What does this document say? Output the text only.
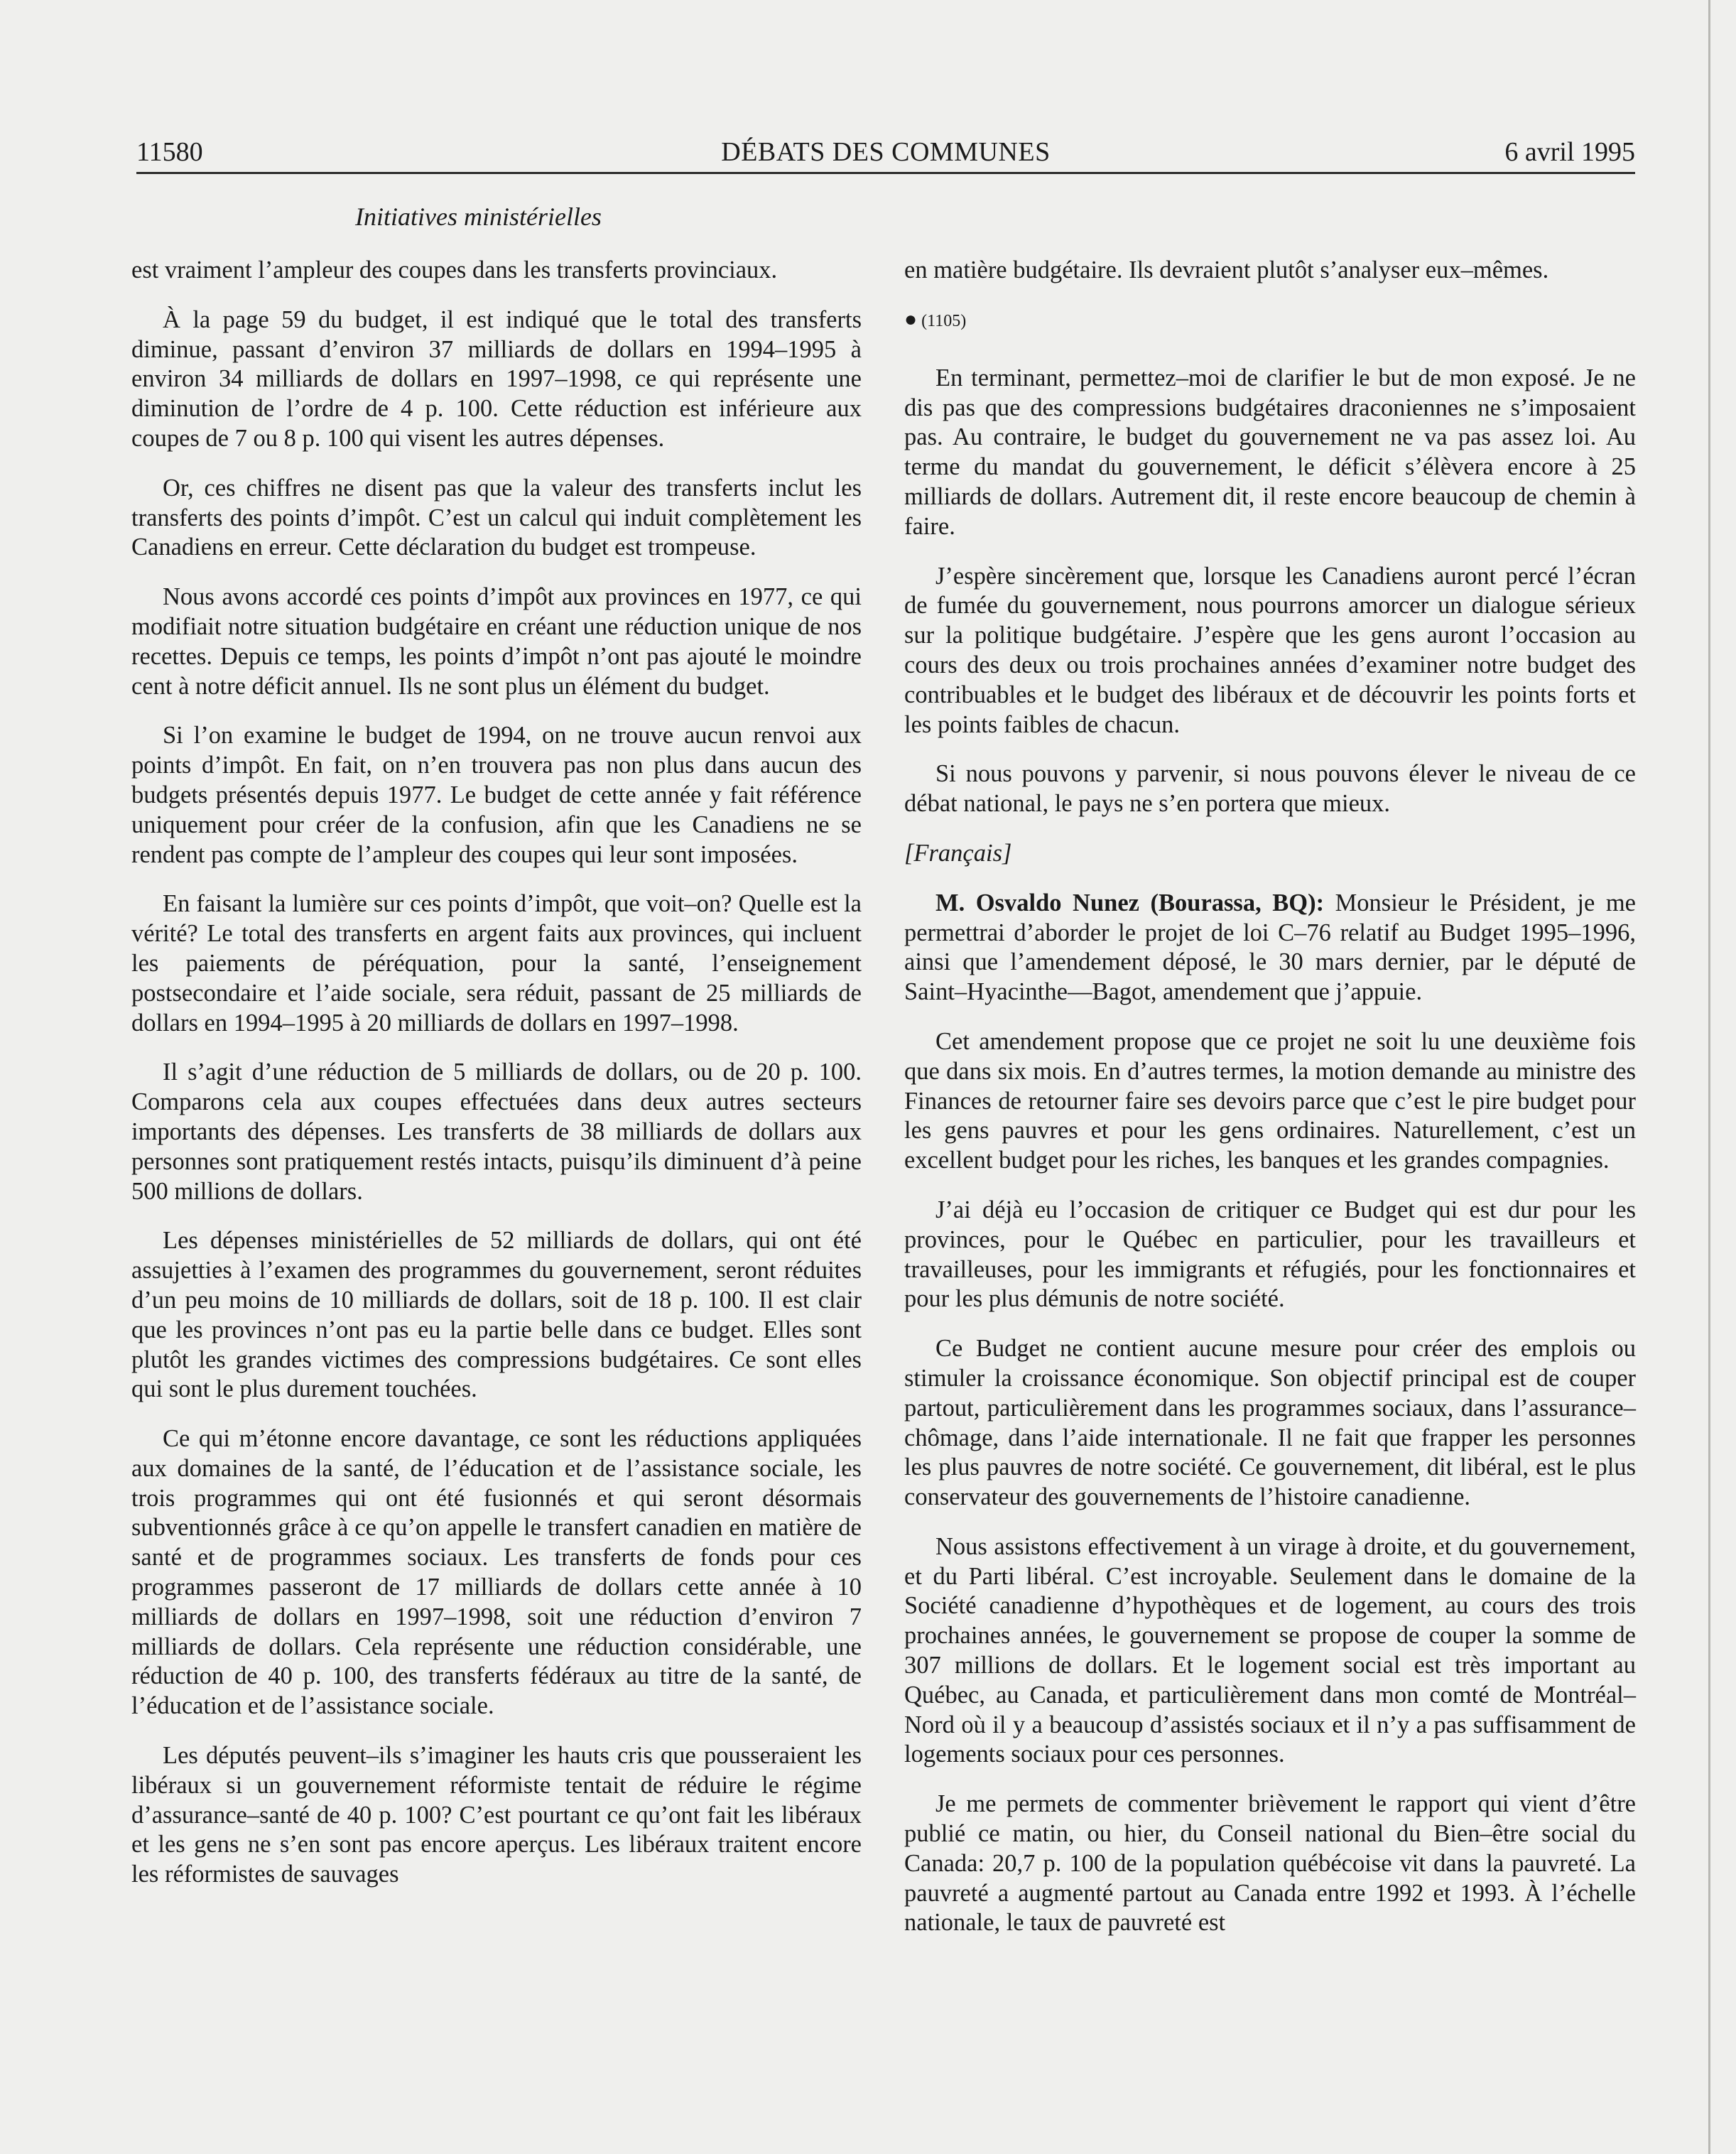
11580	DÉBATS DES COMMUNES	6 avril 1995
Initiatives ministérielles

est vraiment l’ampleur des coupes dans les transferts provinciaux.

À la page 59 du budget, il est indiqué que le total des transferts diminue, passant d’environ 37 milliards de dollars en 1994–1995 à environ 34 milliards de dollars en 1997–1998, ce qui représente une diminution de l’ordre de 4 p. 100. Cette réduction est inférieure aux coupes de 7 ou 8 p. 100 qui visent les autres dépenses.

Or, ces chiffres ne disent pas que la valeur des transferts inclut les transferts des points d’impôt. C’est un calcul qui induit complètement les Canadiens en erreur. Cette déclaration du budget est trompeuse.

Nous avons accordé ces points d’impôt aux provinces en 1977, ce qui modifiait notre situation budgétaire en créant une réduction unique de nos recettes. Depuis ce temps, les points d’impôt n’ont pas ajouté le moindre cent à notre déficit annuel. Ils ne sont plus un élément du budget.

Si l’on examine le budget de 1994, on ne trouve aucun renvoi aux points d’impôt. En fait, on n’en trouvera pas non plus dans aucun des budgets présentés depuis 1977. Le budget de cette année y fait référence uniquement pour créer de la confusion, afin que les Canadiens ne se rendent pas compte de l’ampleur des coupes qui leur sont imposées.

En faisant la lumière sur ces points d’impôt, que voit–on? Quelle est la vérité? Le total des transferts en argent faits aux provinces, qui incluent les paiements de péréquation, pour la santé, l’enseignement postsecondaire et l’aide sociale, sera réduit, passant de 25 milliards de dollars en 1994–1995 à 20 milliards de dollars en 1997–1998.

Il s’agit d’une réduction de 5 milliards de dollars, ou de 20 p. 100. Comparons cela aux coupes effectuées dans deux autres secteurs importants des dépenses. Les transferts de 38 milliards de dollars aux personnes sont pratiquement restés intacts, puisqu’ils diminuent d’à peine 500 millions de dollars.

Les dépenses ministérielles de 52 milliards de dollars, qui ont été assujetties à l’examen des programmes du gouvernement, seront réduites d’un peu moins de 10 milliards de dollars, soit de 18 p. 100. Il est clair que les provinces n’ont pas eu la partie belle dans ce budget. Elles sont plutôt les grandes victimes des compressions budgétaires. Ce sont elles qui sont le plus durement touchées.

Ce qui m’étonne encore davantage, ce sont les réductions appliquées aux domaines de la santé, de l’éducation et de l’assistance sociale, les trois programmes qui ont été fusionnés et qui seront désormais subventionnés grâce à ce qu’on appelle le transfert canadien en matière de santé et de programmes sociaux. Les transferts de fonds pour ces programmes passeront de 17 milliards de dollars cette année à 10 milliards de dollars en 1997–1998, soit une réduction d’environ 7 milliards de dollars. Cela représente une réduction considérable, une réduction de 40 p. 100, des transferts fédéraux au titre de la santé, de l’éducation et de l’assistance sociale.

Les députés peuvent–ils s’imaginer les hauts cris que pousseraient les libéraux si un gouvernement réformiste tentait de réduire le régime d’assurance–santé de 40 p. 100? C’est pourtant ce qu’ont fait les libéraux et les gens ne s’en sont pas encore aperçus. Les libéraux traitent encore les réformistes de sauvages

en matière budgétaire. Ils devraient plutôt s’analyser eux–mêmes.

● (1105)

En terminant, permettez–moi de clarifier le but de mon exposé. Je ne dis pas que des compressions budgétaires draconiennes ne s’imposaient pas. Au contraire, le budget du gouvernement ne va pas assez loi. Au terme du mandat du gouvernement, le déficit s’élèvera encore à 25 milliards de dollars. Autrement dit, il reste encore beaucoup de chemin à faire.

J’espère sincèrement que, lorsque les Canadiens auront percé l’écran de fumée du gouvernement, nous pourrons amorcer un dialogue sérieux sur la politique budgétaire. J’espère que les gens auront l’occasion au cours des deux ou trois prochaines années d’examiner notre budget des contribuables et le budget des libéraux et de découvrir les points forts et les points faibles de chacun.

Si nous pouvons y parvenir, si nous pouvons élever le niveau de ce débat national, le pays ne s’en portera que mieux.

[Français]

M. Osvaldo Nunez (Bourassa, BQ): Monsieur le Président, je me permettrai d’aborder le projet de loi C–76 relatif au Budget 1995–1996, ainsi que l’amendement déposé, le 30 mars dernier, par le député de Saint–Hyacinthe—Bagot, amendement que j’appuie.

Cet amendement propose que ce projet ne soit lu une deuxième fois que dans six mois. En d’autres termes, la motion demande au ministre des Finances de retourner faire ses devoirs parce que c’est le pire budget pour les gens pauvres et pour les gens ordinaires. Naturellement, c’est un excellent budget pour les riches, les banques et les grandes compagnies.

J’ai déjà eu l’occasion de critiquer ce Budget qui est dur pour les provinces, pour le Québec en particulier, pour les travailleurs et travailleuses, pour les immigrants et réfugiés, pour les fonctionnaires et pour les plus démunis de notre société.

Ce Budget ne contient aucune mesure pour créer des emplois ou stimuler la croissance économique. Son objectif principal est de couper partout, particulièrement dans les programmes sociaux, dans l’assurance–chômage, dans l’aide internationale. Il ne fait que frapper les personnes les plus pauvres de notre société. Ce gouvernement, dit libéral, est le plus conservateur des gouvernements de l’histoire canadienne.

Nous assistons effectivement à un virage à droite, et du gouvernement, et du Parti libéral. C’est incroyable. Seulement dans le domaine de la Société canadienne d’hypothèques et de logement, au cours des trois prochaines années, le gouvernement se propose de couper la somme de 307 millions de dollars. Et le logement social est très important au Québec, au Canada, et particulièrement dans mon comté de Montréal–Nord où il y a beaucoup d’assistés sociaux et il n’y a pas suffisamment de logements sociaux pour ces personnes.

Je me permets de commenter brièvement le rapport qui vient d’être publié ce matin, ou hier, du Conseil national du Bien–être social du Canada: 20,7 p. 100 de la population québécoise vit dans la pauvreté. La pauvreté a augmenté partout au Canada entre 1992 et 1993. À l’échelle nationale, le taux de pauvreté est
